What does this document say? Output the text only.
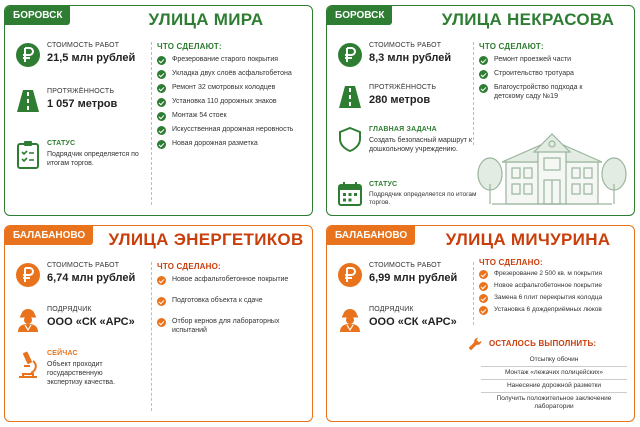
БОРОВСК	УЛИЦА МИРА
СТОИМОСТЬ РАБОТ
21,5 млн рублей
ПРОТЯЖЁННОСТЬ
1 057 метров
СТАТУС
Подрядчик определяется по итогам торгов.
ЧТО СДЕЛАЮТ:
Фрезерование старого покрытия
Укладка двух слоёв асфальтобетона
Ремонт 32 смотровых колодцев
Установка 110 дорожных знаков
Монтаж 54 стоек
Искусственная дорожная неровность
Новая дорожная разметка
БОРОВСК	УЛИЦА НЕКРАСОВА
СТОИМОСТЬ РАБОТ
8,3 млн рублей
ПРОТЯЖЁННОСТЬ
280 метров
ГЛАВНАЯ ЗАДАЧА
Создать безопасный маршрут к дошкольному учреждению.
СТАТУС
Подрядчик определяется по итогам торгов.
ЧТО СДЕЛАЮТ:
Ремонт проезжей части
Строительство тротуара
Благоустройство подхода к детскому саду №19
БАЛАБАНОВО	УЛИЦА ЭНЕРГЕТИКОВ
СТОИМОСТЬ РАБОТ
6,74 млн рублей
ПОДРЯДЧИК
ООО «СК «АРС»
СЕЙЧАС
Объект проходит государственную экспертизу качества.
ЧТО СДЕЛАНО:
Новое асфальтобетонное покрытие
Подготовка объекта к сдаче
Отбор кернов для лабораторных испытаний
БАЛАБАНОВО	УЛИЦА МИЧУРИНА
СТОИМОСТЬ РАБОТ
6,99 млн рублей
ПОДРЯДЧИК
ООО «СК «АРС»
ЧТО СДЕЛАНО:
Фрезерование 2 500 кв. м покрытия
Новое асфальтобетонное покрытие
Замена 6 плит перекрытия колодца
Установка 6 дождеприёмных люков
ОСТАЛОСЬ ВЫПОЛНИТЬ:
Отсыпку обочин
Монтаж «лежачих полицейских»
Нанесение дорожной разметки
Получить положительное заключение лаборатории
